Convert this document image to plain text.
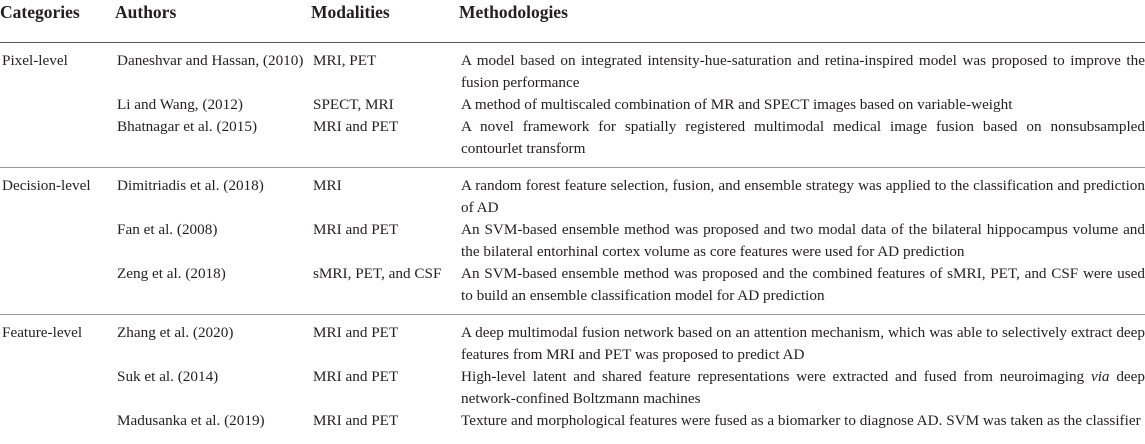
Categories	Authors	Modalities	Methodologies

Pixel-level	Daneshvar and Hassan, (2010)	MRI, PET	A model based on integrated intensity-hue-saturation and retina-inspired model was proposed to improve the fusion performance
	Li and Wang, (2012)	SPECT, MRI	A method of multiscaled combination of MR and SPECT images based on variable-weight
	Bhatnagar et al. (2015)	MRI and PET	A novel framework for spatially registered multimodal medical image fusion based on nonsubsampled contourlet transform
Decision-level	Dimitriadis et al. (2018)	MRI	A random forest feature selection, fusion, and ensemble strategy was applied to the classification and prediction of AD
	Fan et al. (2008)	MRI and PET	An SVM-based ensemble method was proposed and two modal data of the bilateral hippocampus volume and the bilateral entorhinal cortex volume as core features were used for AD prediction
	Zeng et al. (2018)	sMRI, PET, and CSF	An SVM-based ensemble method was proposed and the combined features of sMRI, PET, and CSF were used to build an ensemble classification model for AD prediction
Feature-level	Zhang et al. (2020)	MRI and PET	A deep multimodal fusion network based on an attention mechanism, which was able to selectively extract deep features from MRI and PET was proposed to predict AD
	Suk et al. (2014)	MRI and PET	High-level latent and shared feature representations were extracted and fused from neuroimaging via deep network-confined Boltzmann machines
	Madusanka et al. (2019)	MRI and PET	Texture and morphological features were fused as a biomarker to diagnose AD. SVM was taken as the classifier
